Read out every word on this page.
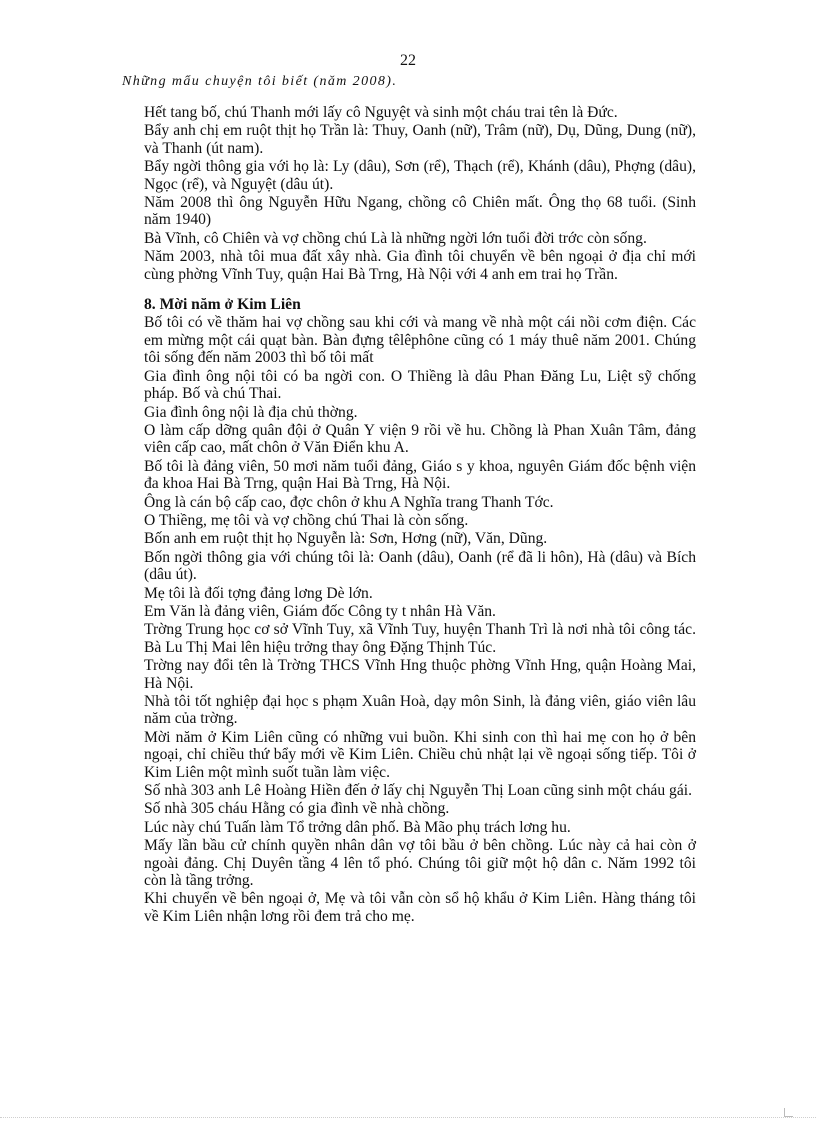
22
Những mẩu chuyện tôi biết (năm 2008).

Hết tang bố, chú Thanh mới lấy cô Nguyệt và sinh một cháu trai tên là Đức.

Bẩy anh chị em ruột thịt họ Trần là: Thuy, Oanh (nữ), Trâm (nữ), Dụ, Dũng, Dung (nữ), và Thanh (út nam).

Bẩy ngời thông gia với họ là: Ly (dâu), Sơn (rể), Thạch (rể), Khánh (dâu), Phợng (dâu), Ngọc (rể), và Nguyệt (dâu út).

Năm 2008 thì ông Nguyễn Hữu Ngang, chồng cô Chiên mất. Ông thọ 68 tuổi. (Sinh năm 1940)

Bà Vĩnh, cô Chiên và vợ chồng chú Là là những ngời lớn tuổi đời trớc còn sống.

Năm 2003, nhà tôi mua đất xây nhà. Gia đình tôi chuyển về bên ngoại ở địa chỉ mới cùng phờng Vĩnh Tuy, quận Hai Bà Trng, Hà Nội với 4 anh em trai họ Trần.

8. Mời năm ở Kim Liên

Bố tôi có về thăm hai vợ chồng sau khi cới và mang về nhà một cái nồi cơm điện. Các em mừng một cái quạt bàn. Bàn đựng têlêphône cũng có 1 máy thuê năm 2001. Chúng tôi sống đến năm 2003 thì bố tôi mất

Gia đình ông nội tôi có ba ngời con. O Thiềng là dâu Phan Đăng Lu, Liệt sỹ chống pháp. Bố và chú Thai.

Gia đình ông nội là địa chủ thờng.

O làm cấp dỡng quân đội ở Quân Y viện 9 rồi về hu. Chồng là Phan Xuân Tâm, đảng viên cấp cao, mất chôn ở Văn Điển khu A.

Bố tôi là đảng viên, 50 mơi năm tuổi đảng, Giáo s y khoa, nguyên Giám đốc bệnh viện đa khoa Hai Bà Trng, quận Hai Bà Trng, Hà Nội.

Ông là cán bộ cấp cao, đợc chôn ở khu A Nghĩa trang Thanh Tớc.

O Thiềng, mẹ tôi và vợ chồng chú Thai là còn sống.

Bốn anh em ruột thịt họ Nguyễn là: Sơn, Hơng (nữ), Văn, Dũng.

Bốn ngời thông gia với chúng tôi là: Oanh (dâu), Oanh (rể đã li hôn), Hà (dâu) và Bích (dâu út).

Mẹ tôi là đối tợng đảng lơng Dè lớn.

Em Văn là đảng viên, Giám đốc Công ty t nhân Hà Văn.

Trờng Trung học cơ sở Vĩnh Tuy, xã Vĩnh Tuy, huyện Thanh Trì là nơi nhà tôi công tác. Bà Lu Thị Mai lên hiệu trởng thay ông Đặng Thịnh Túc.

Trờng nay đổi tên là Trờng THCS Vĩnh Hng thuộc phờng Vĩnh Hng, quận Hoàng Mai, Hà Nội.

Nhà tôi tốt nghiệp đại học s phạm Xuân Hoà, dạy môn Sinh, là đảng viên, giáo viên lâu năm của trờng.

Mời năm ở Kim Liên cũng có những vui buồn. Khi sinh con thì hai mẹ con họ ở bên ngoại, chỉ chiều thứ bẩy mới về Kim Liên. Chiều chủ nhật lại về ngoại sống tiếp. Tôi ở Kim Liên một mình suốt tuần làm việc.

Số nhà 303 anh Lê Hoàng Hiền đến ở lấy chị Nguyễn Thị Loan cũng sinh một cháu gái.

Số nhà 305 cháu Hằng có gia đình về nhà chồng.

Lúc này chú Tuấn làm Tổ trởng dân phố. Bà Mão phụ trách lơng hu.

Mấy lần bầu cử chính quyền nhân dân vợ tôi bầu ở bên chồng. Lúc này cả hai còn ở ngoài đảng. Chị Duyên tầng 4 lên tổ phó. Chúng tôi giữ một hộ dân c. Năm 1992 tôi còn là tầng trởng.

Khi chuyển về bên ngoại ở, Mẹ và tôi vẫn còn sổ hộ khẩu ở Kim Liên. Hàng tháng tôi về Kim Liên nhận lơng rồi đem trả cho mẹ.
